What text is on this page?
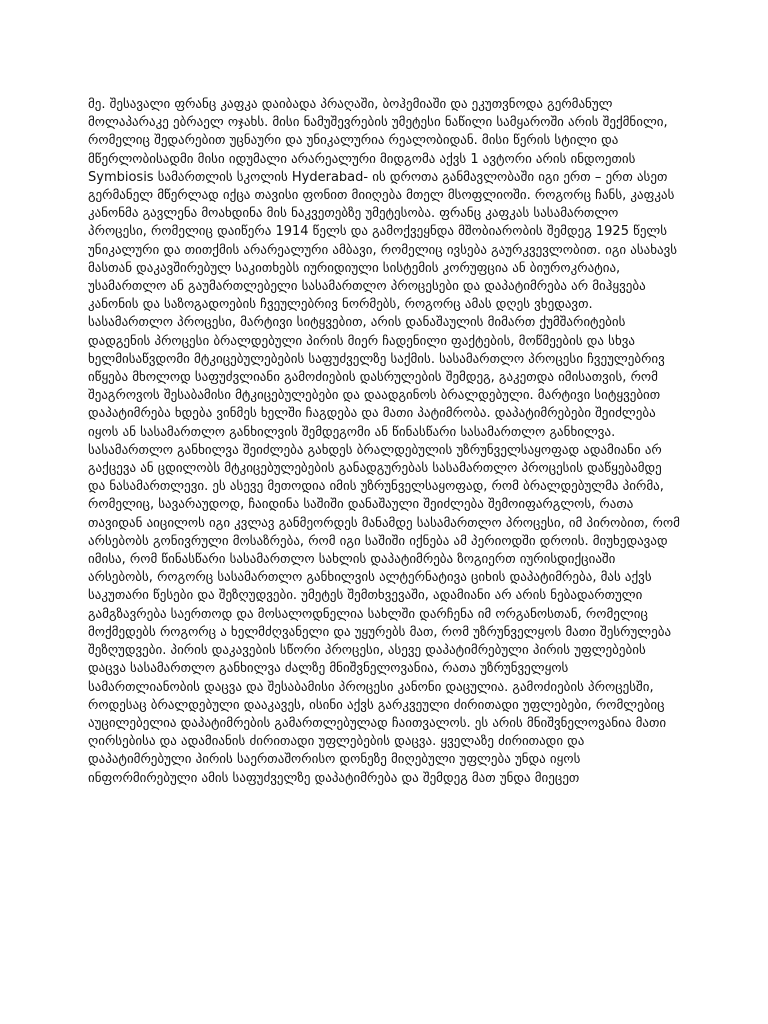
მე. შესავალი ფრანც კაფკა დაიბადა პრაღაში, ბოჰემიაში და ეკუთვნოდა გერმანულ მოლაპარაკე ებრაელ ოჯახს. მისი ნამუშევრების უმეტესი ნაწილი სამყაროში არის შექმნილი, რომელიც შედარებით უცნაური და უნიკალურია რეალობიდან. მისი წერის სტილი და მწერლობისადმი მისი იდუმალი არარეალური მიდგომა აქვს 1 ავტორი არის ინდოეთის Symbiosis სამართლის სკოლის Hyderabad- ის დროთა განმავლობაში იგი ერთ – ერთ ასეთ გერმანელ მწერლად იქცა თავისი ფონით მიიღება მთელ მსოფლიოში. როგორც ჩანს, კაფკას კანონმა გავლენა მოახდინა მის ნაკვეთებზე უმეტესობა. ფრანც კაფკას სასამართლო პროცესი, რომელიც დაიწერა 1914 წელს და გამოქვეყნდა მშობიარობის შემდეგ 1925 წელს უნიკალური და თითქმის არარეალური ამბავი, რომელიც ივსება გაურკვევლობით. იგი ასახავს მასთან დაკავშირებულ საკითხებს იურიდიული სისტემის კორუფცია ან ბიუროკრატია, უსამართლო ან გაუმართლებელი სასამართლო პროცესები და დაპატიმრება არ მიჰყვება კანონის და საზოგადოების ჩვეულებრივ ნორმებს, როგორც ამას დღეს ვხედავთ. სასამართლო პროცესი, მარტივი სიტყვებით, არის დანაშაულის მიმართ ქუმშარიტების დადგენის პროცესი ბრალდებული პირის მიერ ჩადენილი ფაქტების, მოწმეების და სხვა ხელმისაწვდომი მტკიცებულებების საფუძველზე საქმის. სასამართლო პროცესი ჩვეულებრივ იწყება მხოლოდ საფუძვლიანი გამოძიების დასრულების შემდეგ, გაკეთდა იმისათვის, რომ შეაგროვოს შესაბამისი მტკიცებულებები და დაადგინოს ბრალდებული. მარტივი სიტყვებით დაპატიმრება ხდება ვინმეს ხელში ჩაგდება და მათი პატიმრობა. დაპატიმრებები შეიძლება იყოს ან სასამართლო განხილვის შემდეგომი ან წინასწარი სასამართლო განხილვა. სასამართლო განხილვა შეიძლება გახდეს ბრალდებულის უზრუნველსაყოფად ადამიანი არ გაქცევა ან ცდილობს მტკიცებულებების განადგურებას სასამართლო პროცესის დაწყებამდე და ნასამართლევი. ეს ასევე მეთოდია იმის უზრუნველსაყოფად, რომ ბრალდებულმა პირმა, რომელიც, სავარაუდოდ, ჩაიდინა საშიში დანაშაული შეიძლება შემოიფარგლოს, რათა თავიდან აიცილოს იგი კვლავ განმეორდეს მანამდე სასამართლო პროცესი, იმ პირობით, რომ არსებობს გონივრული მოსაზრება, რომ იგი საშიში იქნება ამ პერიოდში დროის. მიუხედავად იმისა, რომ წინასწარი სასამართლო სახლის დაპატიმრება ზოგიერთ იურისდიქციაში არსებობს, როგორც სასამართლო განხილვის ალტერნატივა ციხის დაპატიმრება, მას აქვს საკუთარი წესები და შეზღუდვები. უმეტეს შემთხვევაში, ადამიანი არ არის ნებადართული გამგზავრება საერთოდ და მოსალოდნელია სახლში დარჩენა იმ ორგანოსთან, რომელიც მოქმედებს როგორც ა ხელმძღვანელი და უყურებს მათ, რომ უზრუნველყოს მათი შესრულება შეზღუდვები. პირის დაკავების სწორი პროცესი, ასევე დაპატიმრებული პირის უფლებების დაცვა სასამართლო განხილვა ძალზე მნიშვნელოვანია, რათა უზრუნველყოს სამართლიანობის დაცვა და შესაბამისი პროცესი კანონი დაცულია. გამოძიების პროცესში, როდესაც ბრალდებული დააკავეს, ისინი აქვს გარკვეული ძირითადი უფლებები, რომლებიც აუცილებელია დაპატიმრების გამართლებულად ჩაითვალოს. ეს არის მნიშვნელოვანია მათი ღირსებისა და ადამიანის ძირითადი უფლებების დაცვა. ყველაზე ძირითადი და დაპატიმრებული პირის საერთაშორისო დონეზე მიღებული უფლება უნდა იყოს ინფორმირებული ამის საფუძველზე დაპატიმრება და შემდეგ მათ უნდა მიეცეთ
